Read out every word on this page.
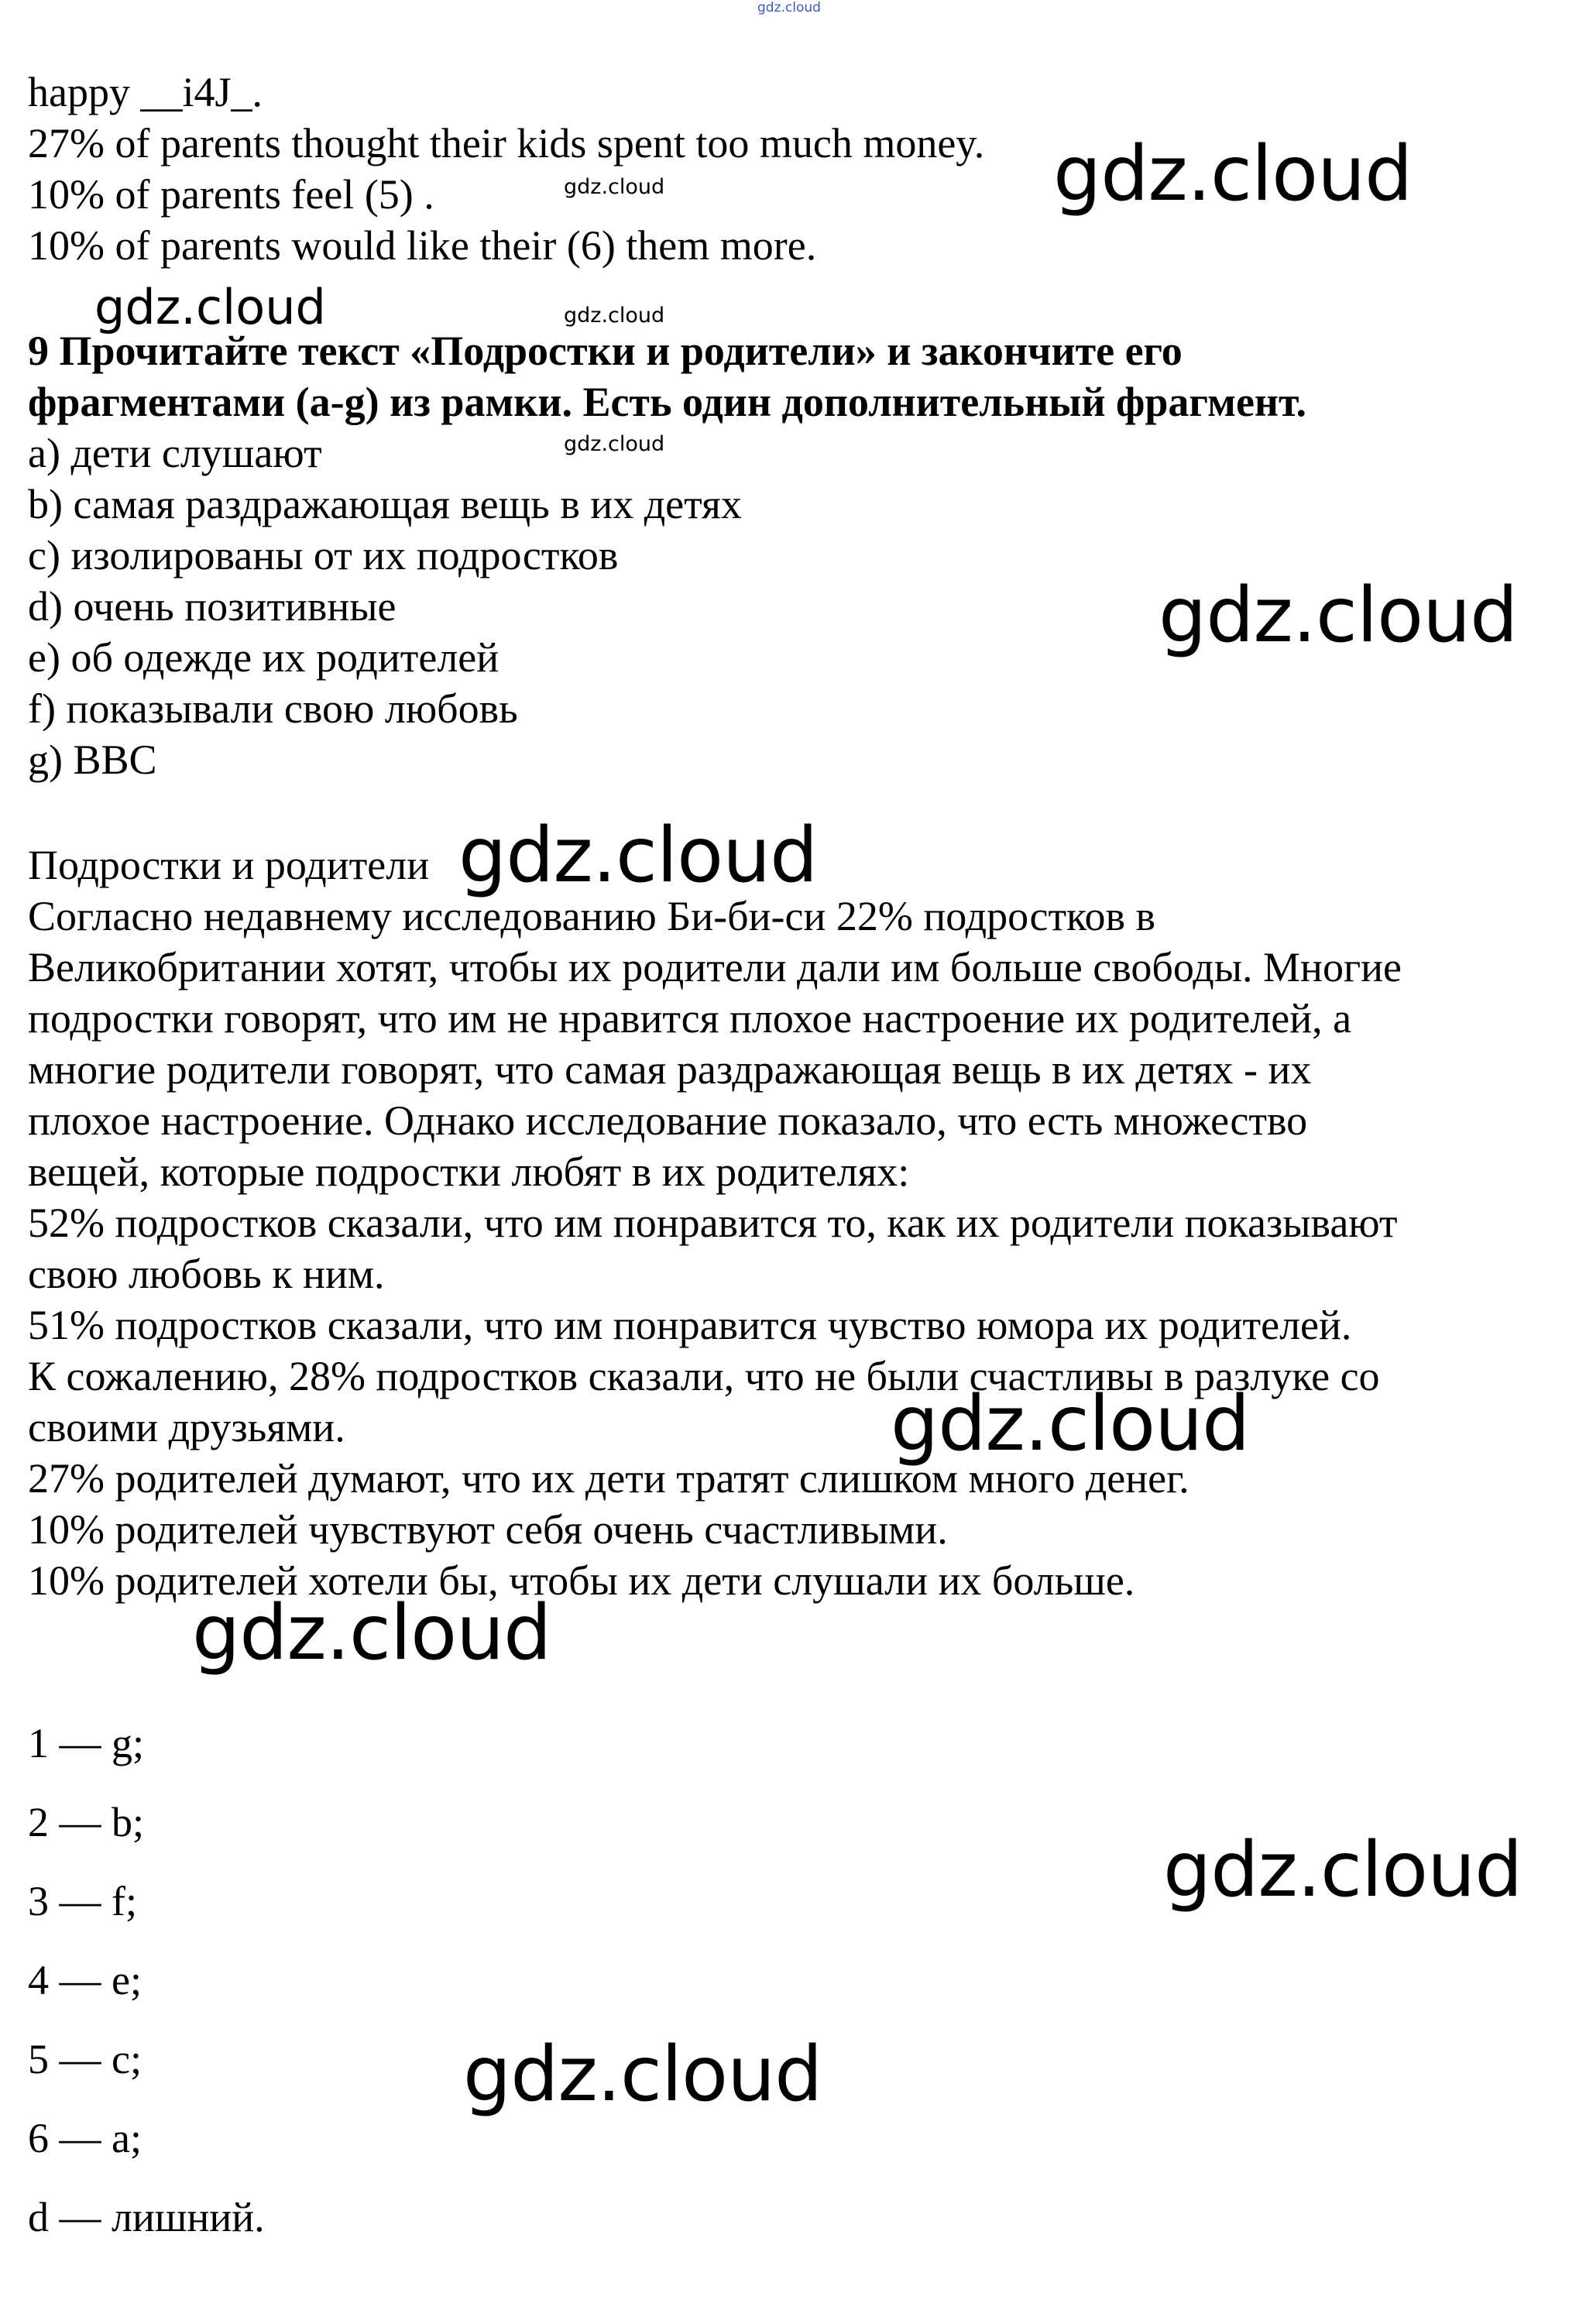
gdz.cloud
happy __i4J_.
27% of parents thought their kids spent too much money.
10% of parents feel (5) .
10% of parents would like their (6) them more.
9 Прочитайте текст «Подростки и родители» и закончите его
фрагментами (a-g) из рамки. Есть один дополнительный фрагмент.
a) дети слушают
b) самая раздражающая вещь в их детях
c) изолированы от их подростков
d) очень позитивные
e) об одежде их родителей
f) показывали свою любовь
g) BBC
Подростки и родители
Согласно недавнему исследованию Би-би-си 22% подростков в
Великобритании хотят, чтобы их родители дали им больше свободы. Многие
подростки говорят, что им не нравится плохое настроение их родителей, а
многие родители говорят, что самая раздражающая вещь в их детях - их
плохое настроение. Однако исследование показало, что есть множество
вещей, которые подростки любят в их родителях:
52% подростков сказали, что им понравится то, как их родители показывают
свою любовь к ним.
51% подростков сказали, что им понравится чувство юмора их родителей.
К сожалению, 28% подростков сказали, что не были счастливы в разлуке со
своими друзьями.
27% родителей думают, что их дети тратят слишком много денег.
10% родителей чувствуют себя очень счастливыми.
10% родителей хотели бы, чтобы их дети слушали их больше.
1 — g;
2 — b;
3 — f;
4 — e;
5 — c;
6 — a;
d — лишний.
gdz.cloud
gdz.cloud
gdz.cloud	gdz.cloud
gdz.cloud
gdz.cloud
gdz.cloud
gdz.cloud
gdz.cloud
gdz.cloud
gdz.cloud
